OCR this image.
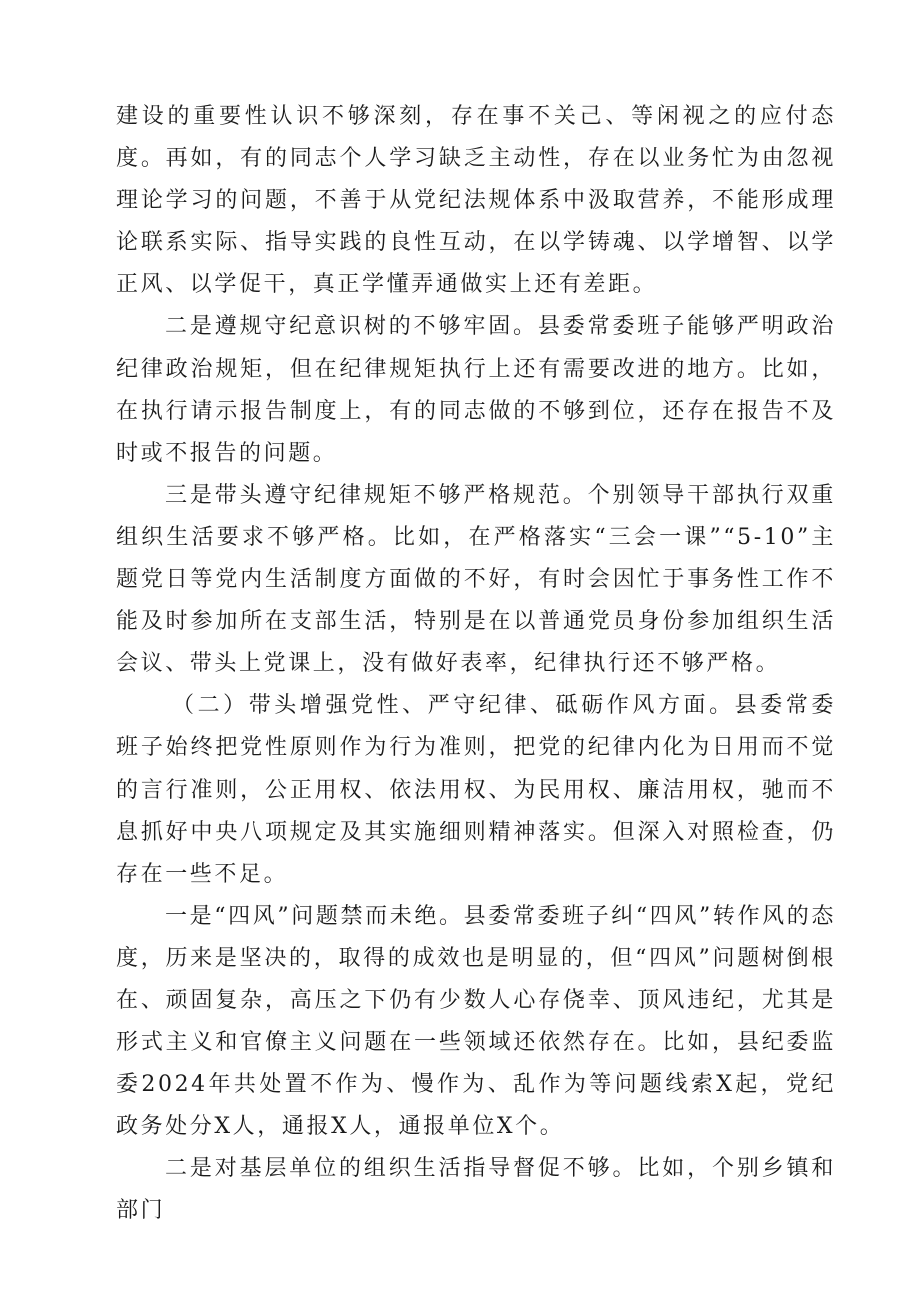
建设的重要性认识不够深刻，存在事不关己、等闲视之的应付态度。再如，有的同志个人学习缺乏主动性，存在以业务忙为由忽视理论学习的问题，不善于从党纪法规体系中汲取营养，不能形成理论联系实际、指导实践的良性互动，在以学铸魂、以学增智、以学正风、以学促干，真正学懂弄通做实上还有差距。

二是遵规守纪意识树的不够牢固。县委常委班子能够严明政治纪律政治规矩，但在纪律规矩执行上还有需要改进的地方。比如，在执行请示报告制度上，有的同志做的不够到位，还存在报告不及时或不报告的问题。

三是带头遵守纪律规矩不够严格规范。个别领导干部执行双重组织生活要求不够严格。比如，在严格落实“三会一课”“5-10”主题党日等党内生活制度方面做的不好，有时会因忙于事务性工作不能及时参加所在支部生活，特别是在以普通党员身份参加组织生活会议、带头上党课上，没有做好表率，纪律执行还不够严格。

（二）带头增强党性、严守纪律、砥砺作风方面。县委常委班子始终把党性原则作为行为准则，把党的纪律内化为日用而不觉的言行准则，公正用权、依法用权、为民用权、廉洁用权，驰而不息抓好中央八项规定及其实施细则精神落实。但深入对照检查，仍存在一些不足。

一是“四风”问题禁而未绝。县委常委班子纠“四风”转作风的态度，历来是坚决的，取得的成效也是明显的，但“四风”问题树倒根在、顽固复杂，高压之下仍有少数人心存侥幸、顶风违纪，尤其是形式主义和官僚主义问题在一些领域还依然存在。比如，县纪委监委2024年共处置不作为、慢作为、乱作为等问题线索X起，党纪政务处分X人，通报X人，通报单位X个。

二是对基层单位的组织生活指导督促不够。比如，个别乡镇和部门
